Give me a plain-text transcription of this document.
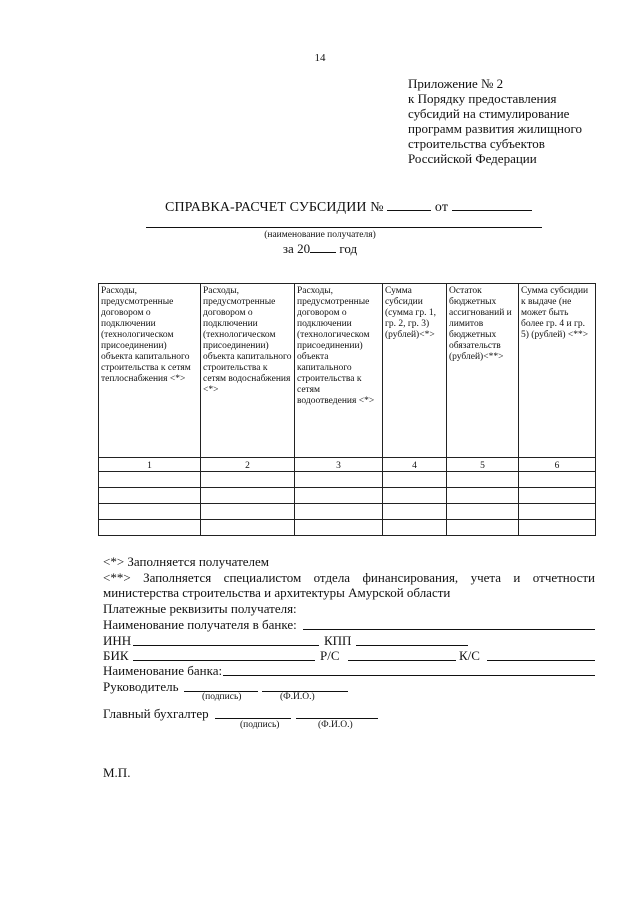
14
Приложение № 2
к Порядку предоставления
субсидий на стимулирование
программ развития жилищного
строительства субъектов
Российской Федерации
СПРАВКА-РАСЧЕТ СУБСИДИИ №	от
(наименование получателя)
за 20 год
Расходы, предусмотренные договором о подключении (технологическом присоединении) объекта капитального строительства к сетям теплоснабжения <*>	Расходы, предусмотренные договором о подключении (технологическом присоединении) объекта капитального строительства к сетям водоснабжения <*>	Расходы, предусмотренные договором о подключении (технологическом присоединении) объекта капитального строительства к сетям водоотведения <*>	Сумма субсидии (сумма гр. 1, гр. 2, гр. 3) (рублей)<*>	Остаток бюджетных ассигнований и лимитов бюджетных обязательств (рублей)<**>	Сумма субсидии к выдаче (не может быть более гр. 4 и гр. 5) (рублей) <**>
1	2	3	4	5	6

<*> Заполняется получателем
<**> Заполняется специалистом отдела финансирования, учета и отчетности
министерства строительства и архитектуры Амурской области
Платежные реквизиты получателя:
Наименование получателя в банке:
ИНН	КПП
БИК	Р/С	К/С
Наименование банка:
Руководитель
(подпись)	(Ф.И.О.)
Главный бухгалтер
(подпись)	(Ф.И.О.)
М.П.
